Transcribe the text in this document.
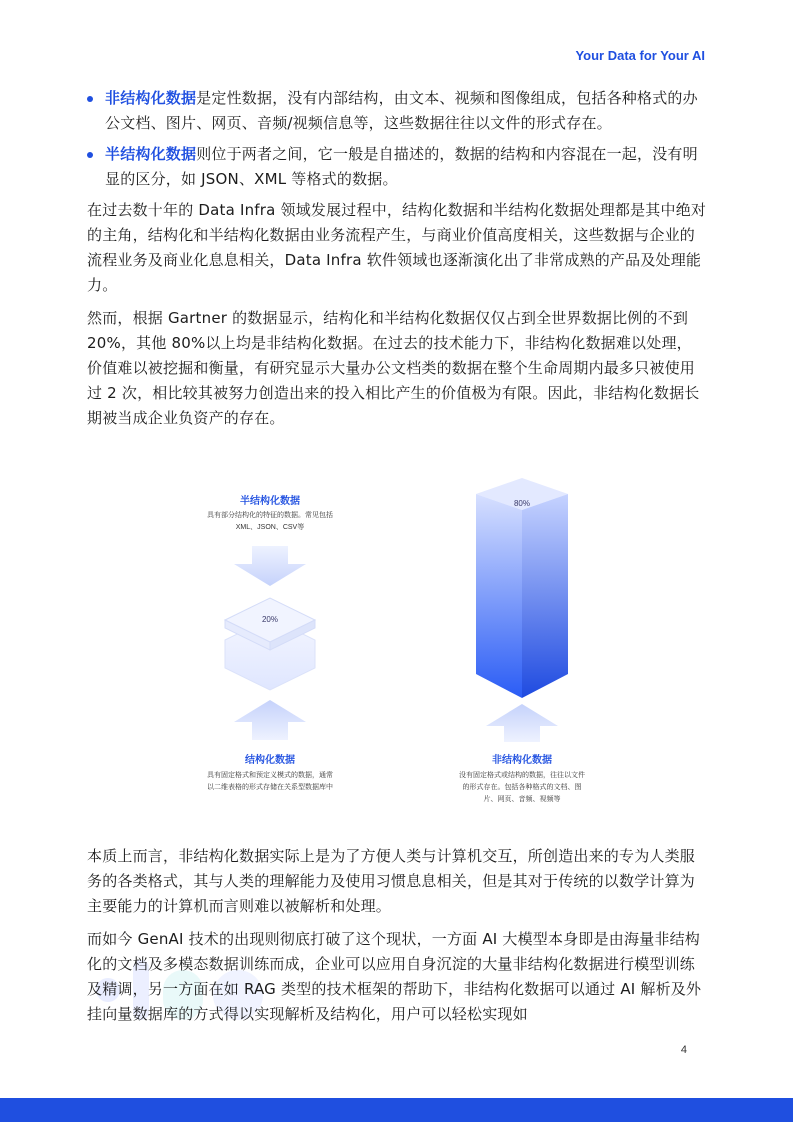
Your Data for Your AI
非结构化数据是定性数据，没有内部结构，由文本、视频和图像组成，包括各种格式的办公文档、图片、网页、音频/视频信息等，这些数据往往以文件的形式存在。
半结构化数据则位于两者之间，它一般是自描述的，数据的结构和内容混在一起，没有明显的区分，如 JSON、XML 等格式的数据。

在过去数十年的 Data Infra 领域发展过程中，结构化数据和半结构化数据处理都是其中绝对的主角，结构化和半结构化数据由业务流程产生，与商业价值高度相关，这些数据与企业的流程业务及商业化息息相关，Data Infra 软件领域也逐渐演化出了非常成熟的产品及处理能力。

然而，根据 Gartner 的数据显示，结构化和半结构化数据仅仅占到全世界数据比例的不到 20%，其他 80%以上均是非结构化数据。在过去的技术能力下，非结构化数据难以处理，价值难以被挖掘和衡量，有研究显示大量办公文档类的数据在整个生命周期内最多只被使用过 2 次，相比较其被努力创造出来的投入相比产生的价值极为有限。因此，非结构化数据长期被当成企业负资产的存在。

半结构化数据
具有部分结构化的特征的数据。常见包括
XML、JSON、CSV等
20%
80%
结构化数据
具有固定格式和预定义模式的数据，通常
以二维表格的形式存储在关系型数据库中
非结构化数据
没有固定格式或结构的数据，往往以文件
的形式存在。包括各种格式的文档、图
片、网页、音频、视频等

本质上而言，非结构化数据实际上是为了方便人类与计算机交互，所创造出来的专为人类服务的各类格式，其与人类的理解能力及使用习惯息息相关，但是其对于传统的以数学计算为主要能力的计算机而言则难以被解析和处理。

而如今 GenAI 技术的出现则彻底打破了这个现状，一方面 AI 大模型本身即是由海量非结构化的文档及多模态数据训练而成，企业可以应用自身沉淀的大量非结构化数据进行模型训练及精调，另一方面在如 RAG 类型的技术框架的帮助下，非结构化数据可以通过 AI 解析及外挂向量数据库的方式得以实现解析及结构化，用户可以轻松实现如

4
